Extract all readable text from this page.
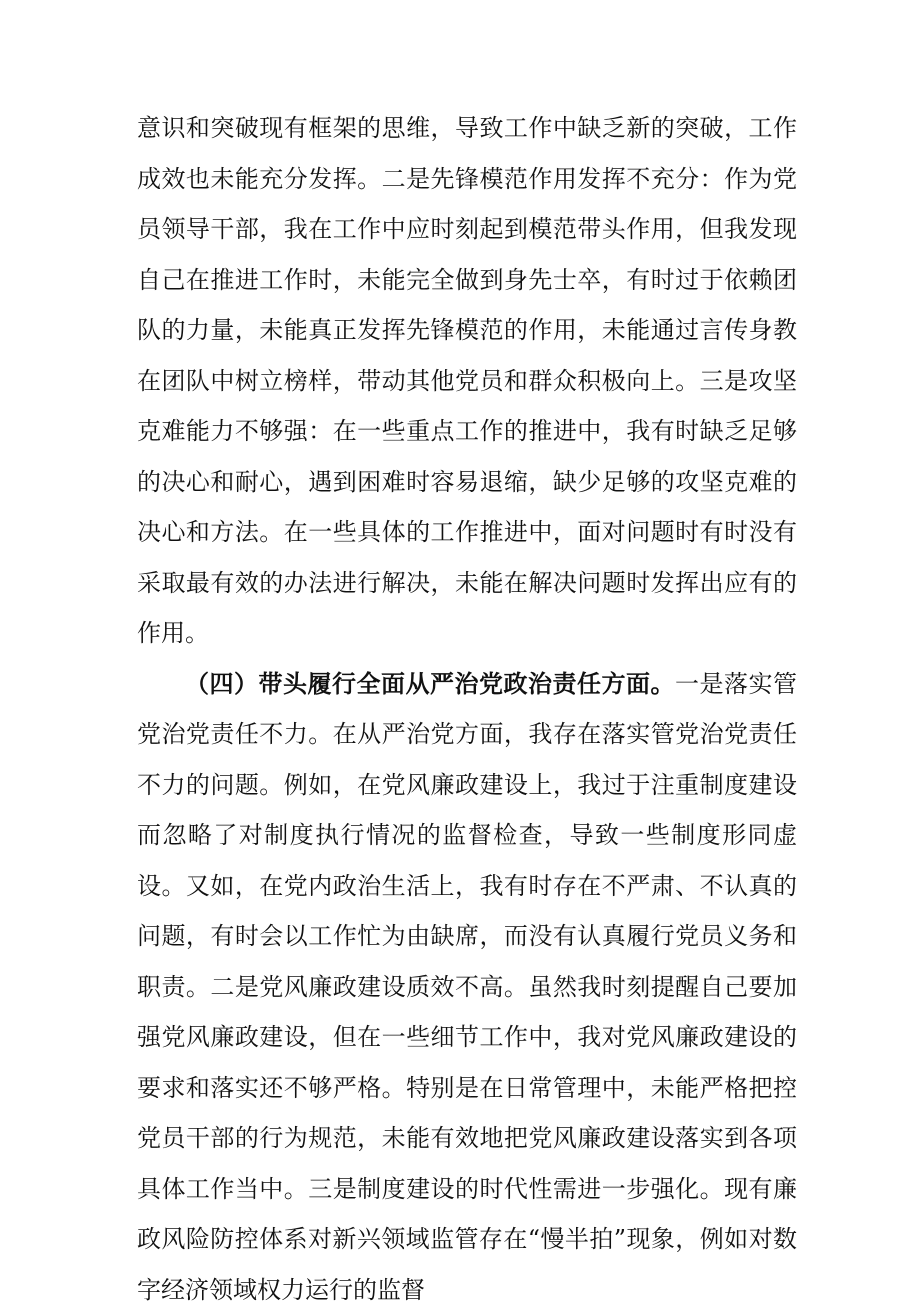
意识和突破现有框架的思维，导致工作中缺乏新的突破，工作成效也未能充分发挥。二是先锋模范作用发挥不充分：作为党员领导干部，我在工作中应时刻起到模范带头作用，但我发现自己在推进工作时，未能完全做到身先士卒，有时过于依赖团队的力量，未能真正发挥先锋模范的作用，未能通过言传身教在团队中树立榜样，带动其他党员和群众积极向上。三是攻坚克难能力不够强：在一些重点工作的推进中，我有时缺乏足够的决心和耐心，遇到困难时容易退缩，缺少足够的攻坚克难的决心和方法。在一些具体的工作推进中，面对问题时有时没有采取最有效的办法进行解决，未能在解决问题时发挥出应有的作用。

（四）带头履行全面从严治党政治责任方面。一是落实管党治党责任不力。在从严治党方面，我存在落实管党治党责任不力的问题。例如，在党风廉政建设上，我过于注重制度建设而忽略了对制度执行情况的监督检查，导致一些制度形同虚设。又如，在党内政治生活上，我有时存在不严肃、不认真的问题，有时会以工作忙为由缺席，而没有认真履行党员义务和职责。二是党风廉政建设质效不高。虽然我时刻提醒自己要加强党风廉政建设，但在一些细节工作中，我对党风廉政建设的要求和落实还不够严格。特别是在日常管理中，未能严格把控党员干部的行为规范，未能有效地把党风廉政建设落实到各项具体工作当中。三是制度建设的时代性需进一步强化。现有廉政风险防控体系对新兴领域监管存在“慢半拍”现象，例如对数字经济领域权力运行的监督
